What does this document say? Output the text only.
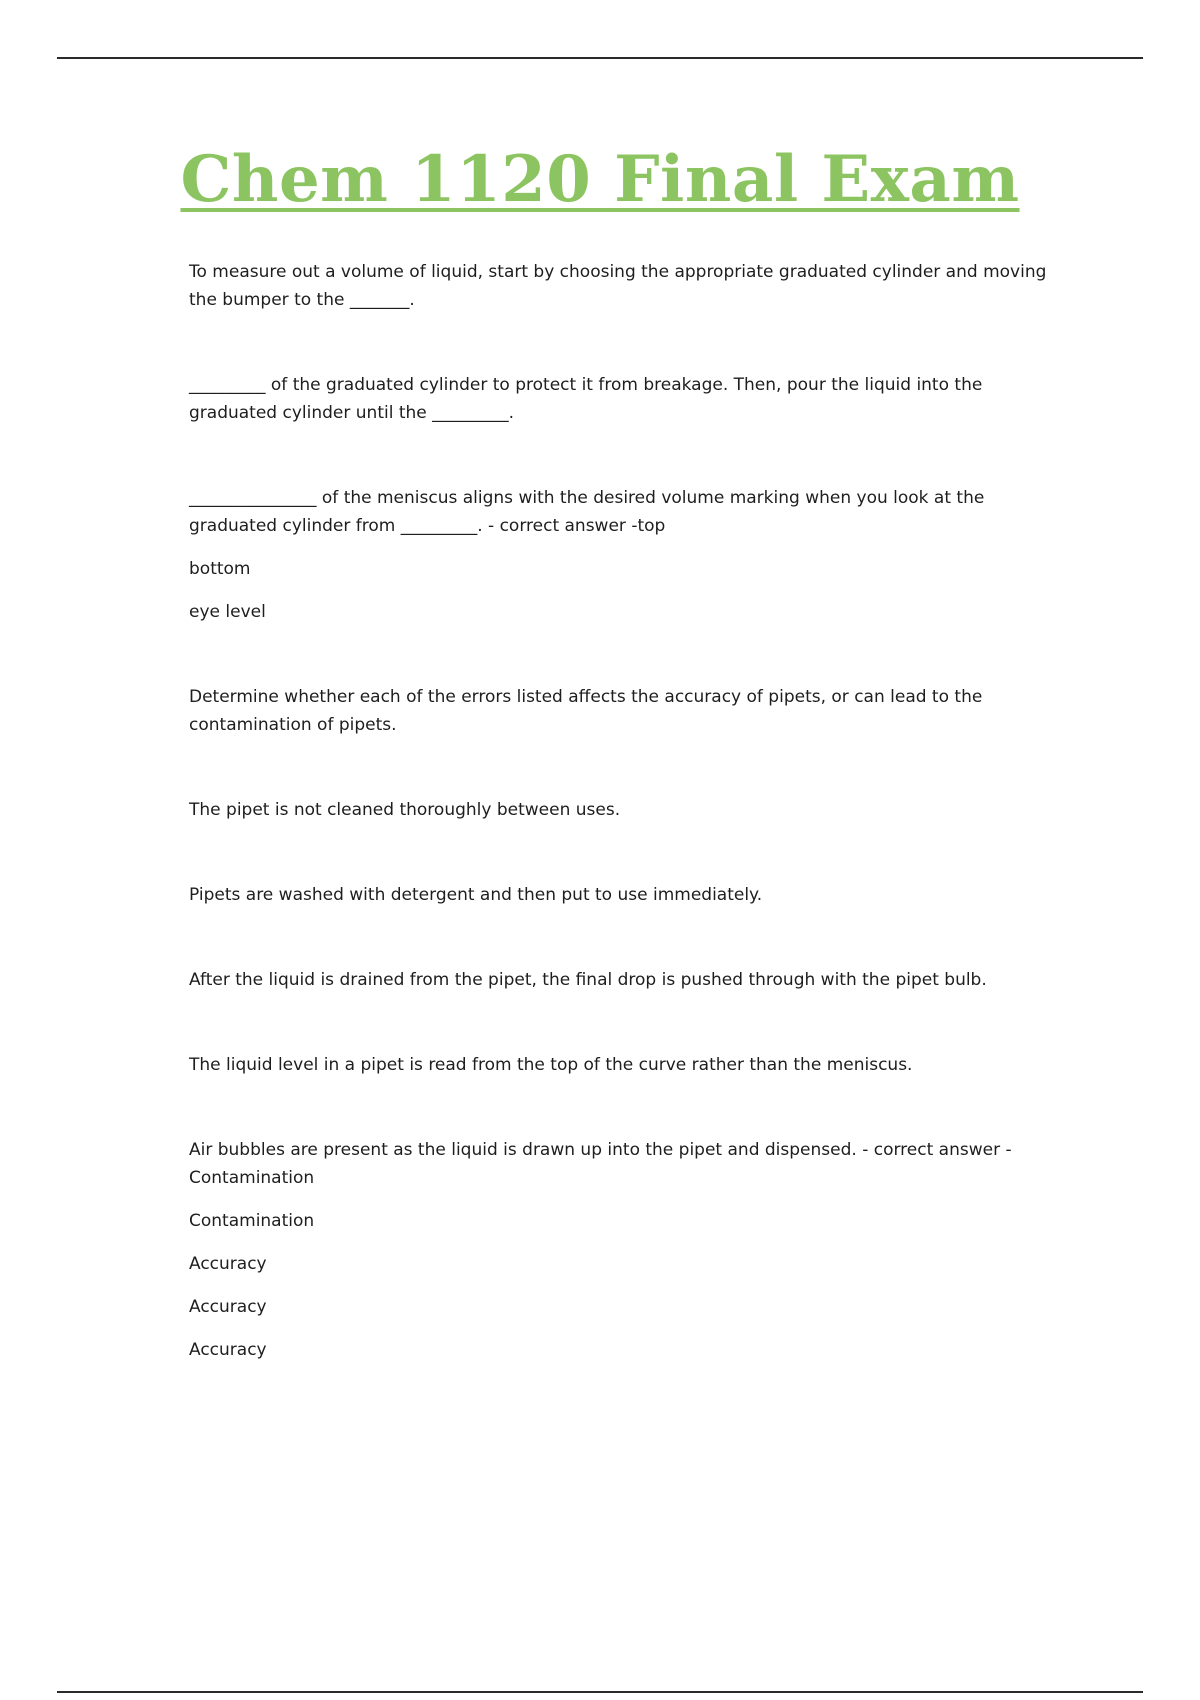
Chem 1120 Final Exam

To measure out a volume of liquid, start by choosing the appropriate graduated cylinder and moving the bumper to the _______.

_________ of the graduated cylinder to protect it from breakage. Then, pour the liquid into the graduated cylinder until the _________.

_______________ of the meniscus aligns with the desired volume marking when you look at the graduated cylinder from _________. - correct answer -top

bottom

eye level

Determine whether each of the errors listed affects the accuracy of pipets, or can lead to the contamination of pipets.

The pipet is not cleaned thoroughly between uses.

Pipets are washed with detergent and then put to use immediately.

After the liquid is drained from the pipet, the final drop is pushed through with the pipet bulb.

The liquid level in a pipet is read from the top of the curve rather than the meniscus.

Air bubbles are present as the liquid is drawn up into the pipet and dispensed. - correct answer - Contamination

Contamination

Accuracy

Accuracy

Accuracy
